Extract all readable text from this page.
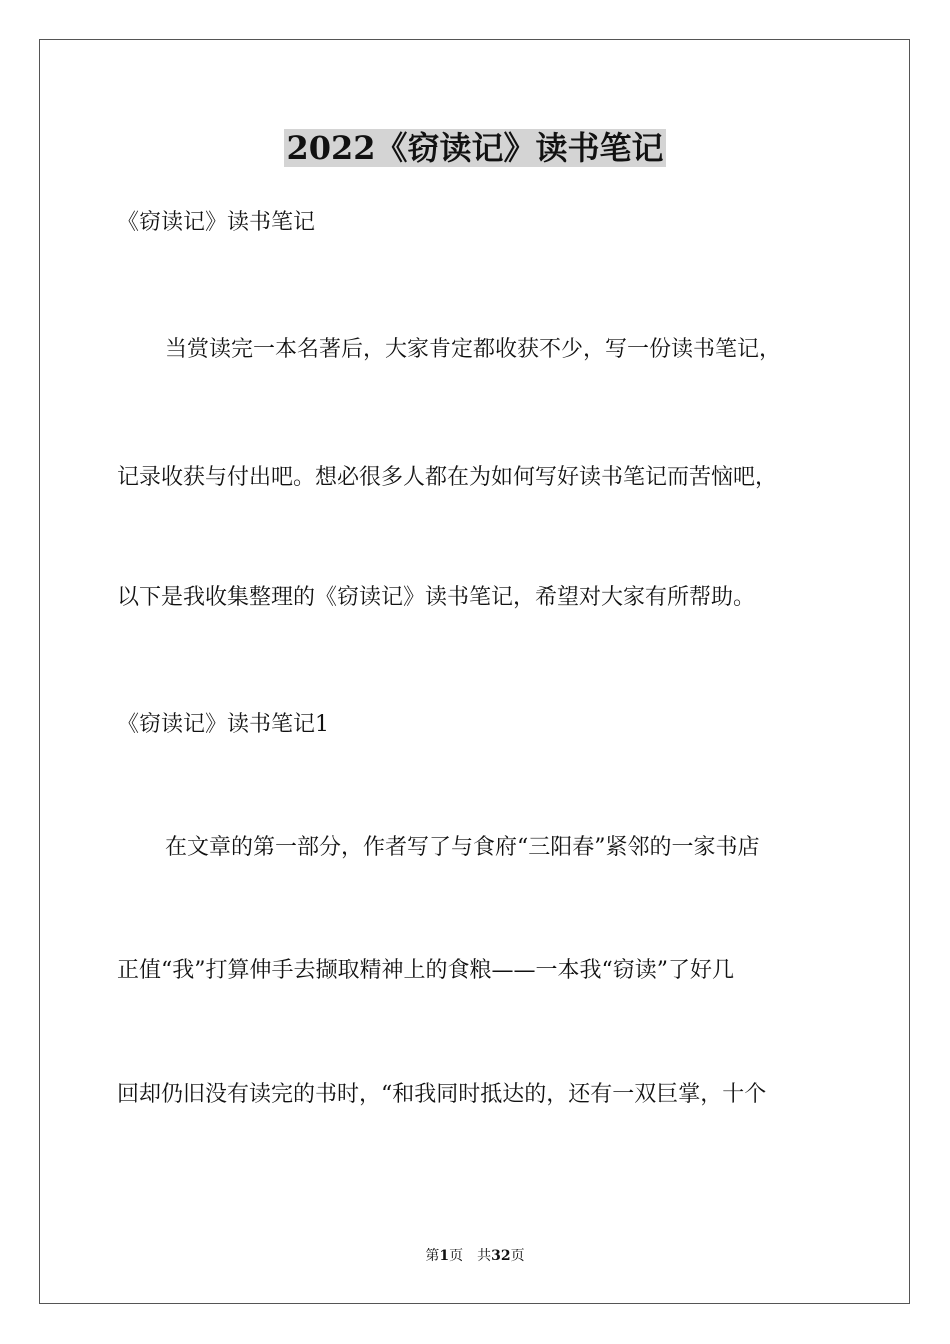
2022《窃读记》读书笔记
《窃读记》读书笔记
当赏读完一本名著后，大家肯定都收获不少，写一份读书笔记，
记录收获与付出吧。想必很多人都在为如何写好读书笔记而苦恼吧，
以下是我收集整理的《窃读记》读书笔记，希望对大家有所帮助。
《窃读记》读书笔记1
在文章的第一部分，作者写了与食府“三阳春”紧邻的一家书店
正值“我”打算伸手去撷取精神上的食粮——一本我“窃读”了好几
回却仍旧没有读完的书时，“和我同时抵达的，还有一双巨掌，十个
第1页 共32页
